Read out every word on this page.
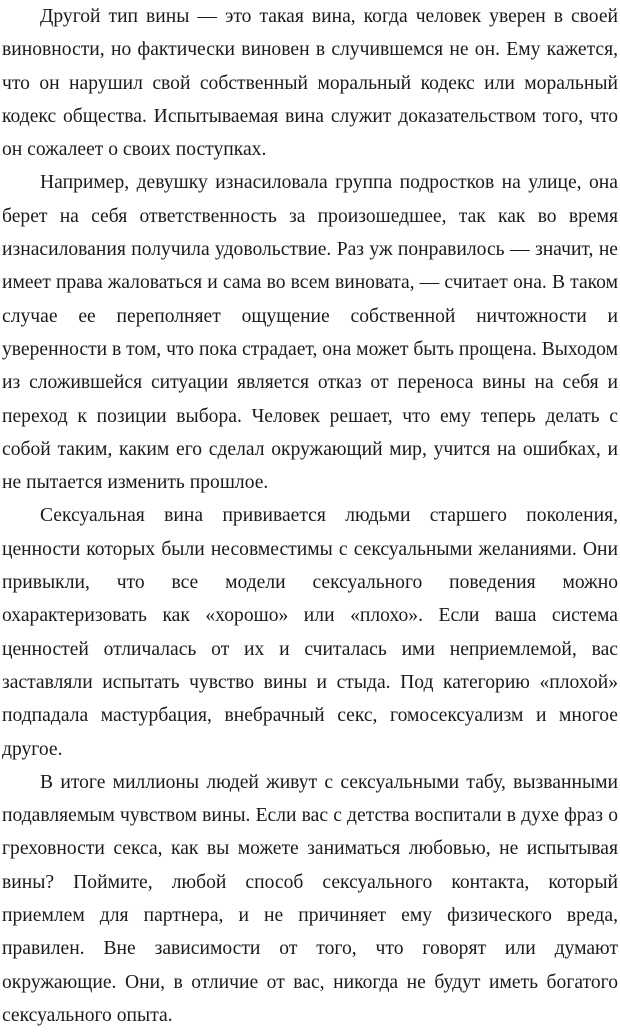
Другой тип вины — это такая вина, когда человек уверен в своей виновности, но фактически виновен в случившемся не он. Ему кажется, что он нарушил свой собственный моральный кодекс или моральный кодекс общества. Испытываемая вина служит доказательством того, что он сожалеет о своих поступках.

Например, девушку изнасиловала группа подростков на улице, она берет на себя ответственность за произошедшее, так как во время изнасилования получила удовольствие. Раз уж понравилось — значит, не имеет права жаловаться и сама во всем виновата, — считает она. В таком случае ее переполняет ощущение собственной ничтожности и уверенности в том, что пока страдает, она может быть прощена. Выходом из сложившейся ситуации является отказ от переноса вины на себя и переход к позиции выбора. Человек решает, что ему теперь делать с собой таким, каким его сделал окружающий мир, учится на ошибках, и не пытается изменить прошлое.

Сексуальная вина прививается людьми старшего поколения, ценности которых были несовместимы с сексуальными желаниями. Они привыкли, что все модели сексуального поведения можно охарактеризовать как «хорошо» или «плохо». Если ваша система ценностей отличалась от их и считалась ими неприемлемой, вас заставляли испытать чувство вины и стыда. Под категорию «плохой» подпадала мастурбация, внебрачный секс, гомосексуализм и многое другое.

В итоге миллионы людей живут с сексуальными табу, вызванными подавляемым чувством вины. Если вас с детства воспитали в духе фраз о греховности секса, как вы можете заниматься любовью, не испытывая вины? Поймите, любой способ сексуального контакта, который приемлем для партнера, и не причиняет ему физического вреда, правилен. Вне зависимости от того, что говорят или думают окружающие. Они, в отличие от вас, никогда не будут иметь богатого сексуального опыта.
